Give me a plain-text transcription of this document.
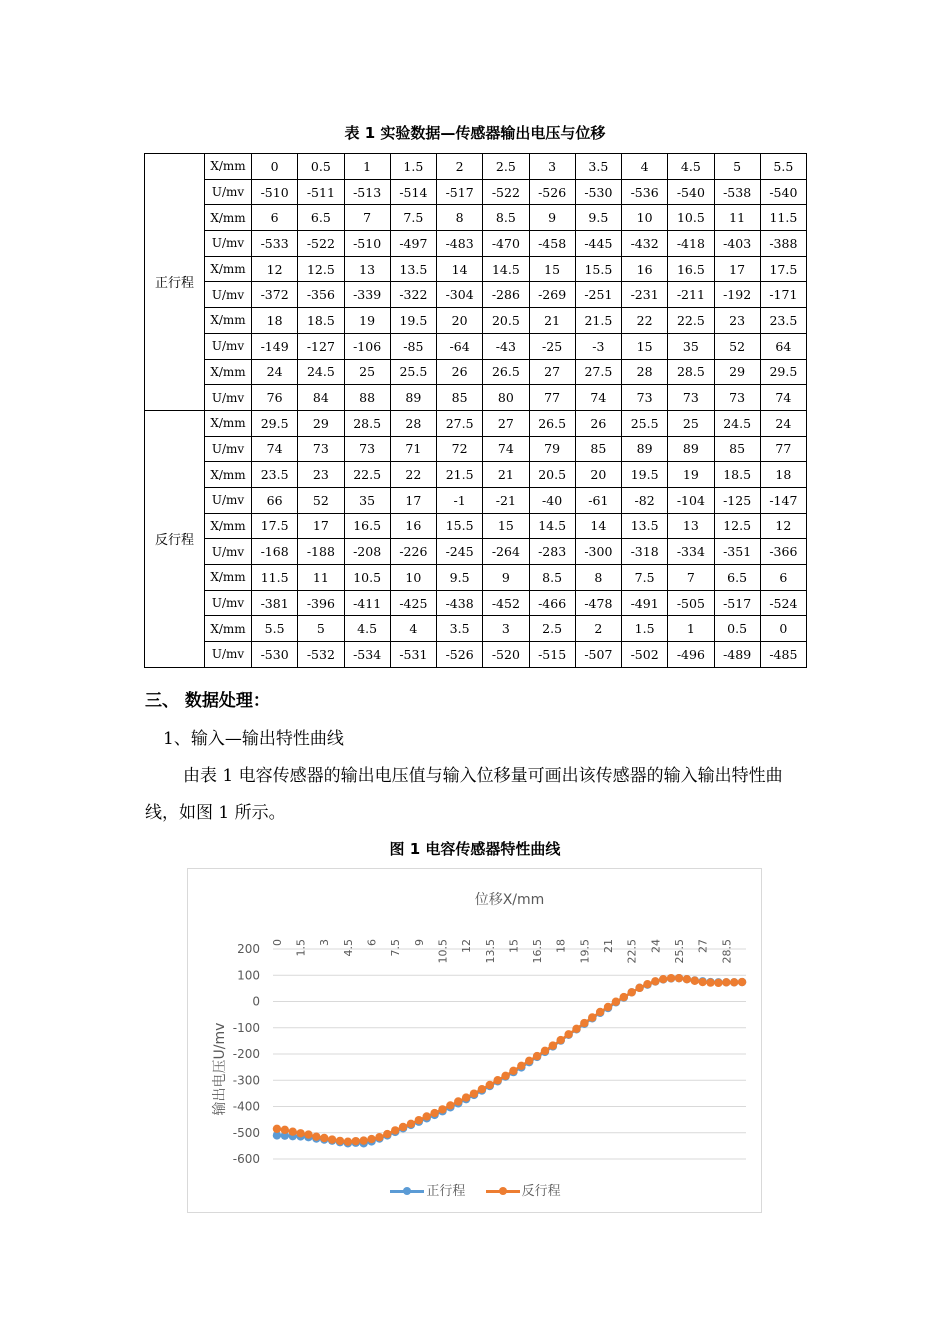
表 1 实验数据—传感器输出电压与位移
正行程	X/mm	0	0.5	1	1.5	2	2.5	3	3.5	4	4.5	5	5.5
	U/mv	-510	-511	-513	-514	-517	-522	-526	-530	-536	-540	-538	-540
	X/mm	6	6.5	7	7.5	8	8.5	9	9.5	10	10.5	11	11.5
	U/mv	-533	-522	-510	-497	-483	-470	-458	-445	-432	-418	-403	-388
	X/mm	12	12.5	13	13.5	14	14.5	15	15.5	16	16.5	17	17.5
	U/mv	-372	-356	-339	-322	-304	-286	-269	-251	-231	-211	-192	-171
	X/mm	18	18.5	19	19.5	20	20.5	21	21.5	22	22.5	23	23.5
	U/mv	-149	-127	-106	-85	-64	-43	-25	-3	15	35	52	64
	X/mm	24	24.5	25	25.5	26	26.5	27	27.5	28	28.5	29	29.5
	U/mv	76	84	88	89	85	80	77	74	73	73	73	74
反行程	X/mm	29.5	29	28.5	28	27.5	27	26.5	26	25.5	25	24.5	24
	U/mv	74	73	73	71	72	74	79	85	89	89	85	77
	X/mm	23.5	23	22.5	22	21.5	21	20.5	20	19.5	19	18.5	18
	U/mv	66	52	35	17	-1	-21	-40	-61	-82	-104	-125	-147
	X/mm	17.5	17	16.5	16	15.5	15	14.5	14	13.5	13	12.5	12
	U/mv	-168	-188	-208	-226	-245	-264	-283	-300	-318	-334	-351	-366
	X/mm	11.5	11	10.5	10	9.5	9	8.5	8	7.5	7	6.5	6
	U/mv	-381	-396	-411	-425	-438	-452	-466	-478	-491	-505	-517	-524
	X/mm	5.5	5	4.5	4	3.5	3	2.5	2	1.5	1	0.5	0
	U/mv	-530	-532	-534	-531	-526	-520	-515	-507	-502	-496	-489	-485
三、 数据处理：
1、输入—输出特性曲线
由表 1 电容传感器的输出电压值与输入位移量可画出该传感器的输入输出特性曲线，如图 1 所示。
图 1 电容传感器特性曲线
200
100
0
-100
-200
-300
-400
-500
-600
0 1.5 3 4.5 6 7.5 9 10.5 12 13.5 15 16.5 18 19.5 21 22.5 24 25.5 27 28.5
位移X/mm
输出电压U/mv
正行程	反行程
